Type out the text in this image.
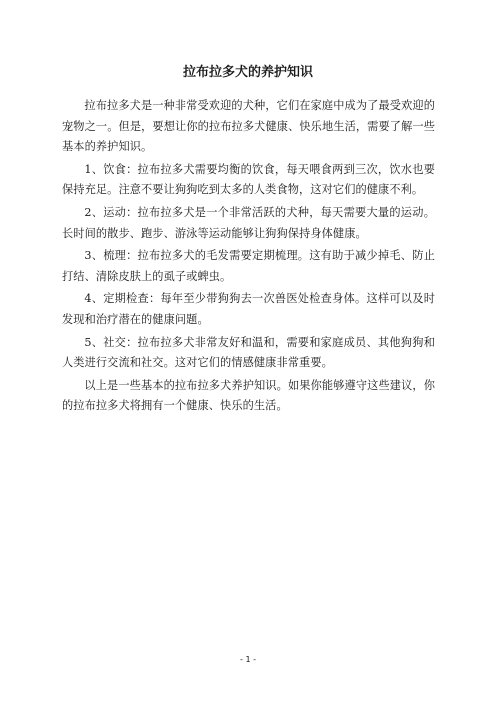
拉布拉多犬的养护知识

拉布拉多犬是一种非常受欢迎的犬种，它们在家庭中成为了最受欢迎的宠物之一。但是，要想让你的拉布拉多犬健康、快乐地生活，需要了解一些基本的养护知识。

1、饮食：拉布拉多犬需要均衡的饮食，每天喂食两到三次，饮水也要保持充足。注意不要让狗狗吃到太多的人类食物，这对它们的健康不利。

2、运动：拉布拉多犬是一个非常活跃的犬种，每天需要大量的运动。长时间的散步、跑步、游泳等运动能够让狗狗保持身体健康。

3、梳理：拉布拉多犬的毛发需要定期梳理。这有助于减少掉毛、防止打结、清除皮肤上的虱子或蜱虫。

4、定期检查：每年至少带狗狗去一次兽医处检查身体。这样可以及时发现和治疗潜在的健康问题。

5、社交：拉布拉多犬非常友好和温和，需要和家庭成员、其他狗狗和人类进行交流和社交。这对它们的情感健康非常重要。

以上是一些基本的拉布拉多犬养护知识。如果你能够遵守这些建议，你的拉布拉多犬将拥有一个健康、快乐的生活。

- 1 -
